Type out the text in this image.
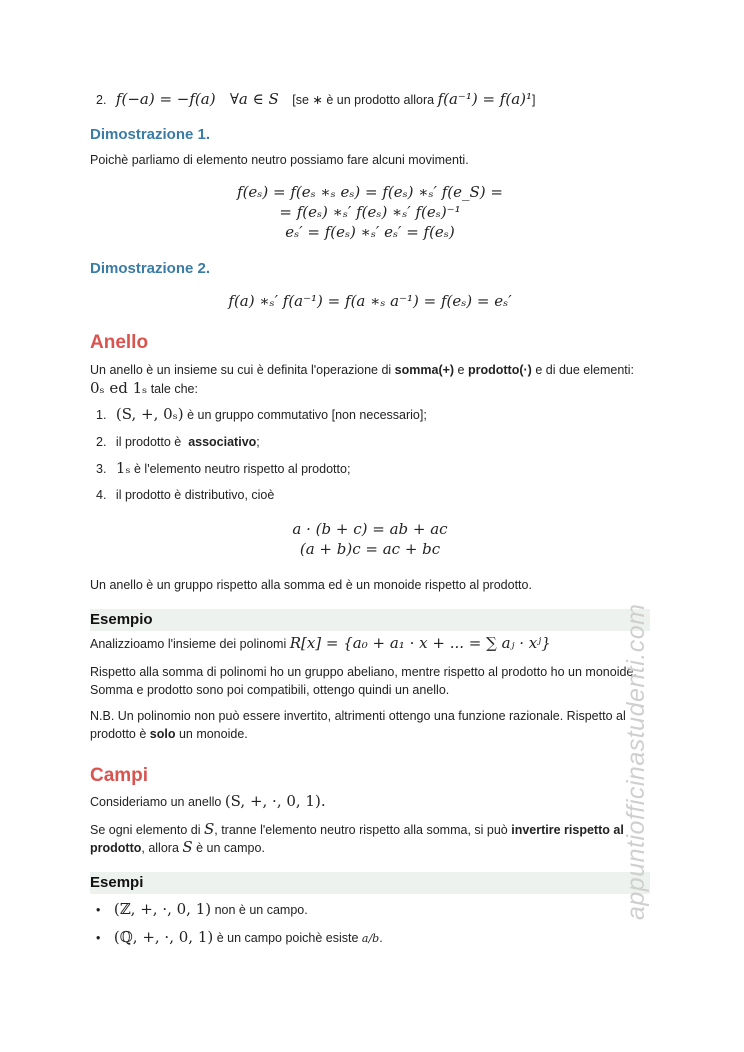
2. f(−a) = −f(a)   ∀a ∈ S [se ∗ è un prodotto allora f(a⁻¹) = f(a)¹]
Dimostrazione 1.
Poichè parliamo di elemento neutro possiamo fare alcuni movimenti.
f(eₛ) = f(eₛ ∗ₛ eₛ) = f(eₛ) ∗ₛ′ f(e_S) =
= f(eₛ) ∗ₛ′ f(eₛ) ∗ₛ′ f(eₛ)⁻¹
eₛ′ = f(eₛ) ∗ₛ′ eₛ′ = f(eₛ)
Dimostrazione 2.
f(a) ∗ₛ′ f(a⁻¹) = f(a ∗ₛ a⁻¹) = f(eₛ) = eₛ′
Anello
Un anello è un insieme su cui è definita l'operazione di somma(+) e prodotto(·) e di due elementi:
0ₛ ed 1ₛ tale che:
1. (S, +, 0ₛ) è un gruppo commutativo [non necessario];
2. il prodotto è  associativo;
3. 1ₛ è l'elemento neutro rispetto al prodotto;
4. il prodotto è distributivo, cioè
a · (b + c) = ab + ac
(a + b)c = ac + bc
Un anello è un gruppo rispetto alla somma ed è un monoide rispetto al prodotto.
Esempio
Analizzioamo l'insieme dei polinomi R[x] = {a₀ + a₁ · x + ... = ∑ aⱼ · xʲ}
Rispetto alla somma di polinomi ho un gruppo abeliano, mentre rispetto al prodotto ho un monoide.
Somma e prodotto sono poi compatibili, ottengo quindi un anello.
N.B. Un polinomio non può essere invertito, altrimenti ottengo una funzione razionale. Rispetto al
prodotto è solo un monoide.
Campi
Consideriamo un anello (S, +, ·, 0, 1).
Se ogni elemento di S, tranne l'elemento neutro rispetto alla somma, si può invertire rispetto al
prodotto, allora S è un campo.
Esempi
• (ℤ, +, ·, 0, 1) non è un campo.
• (ℚ, +, ·, 0, 1) è un campo poichè esiste a/b.
appuntiofficinastudenti.com
